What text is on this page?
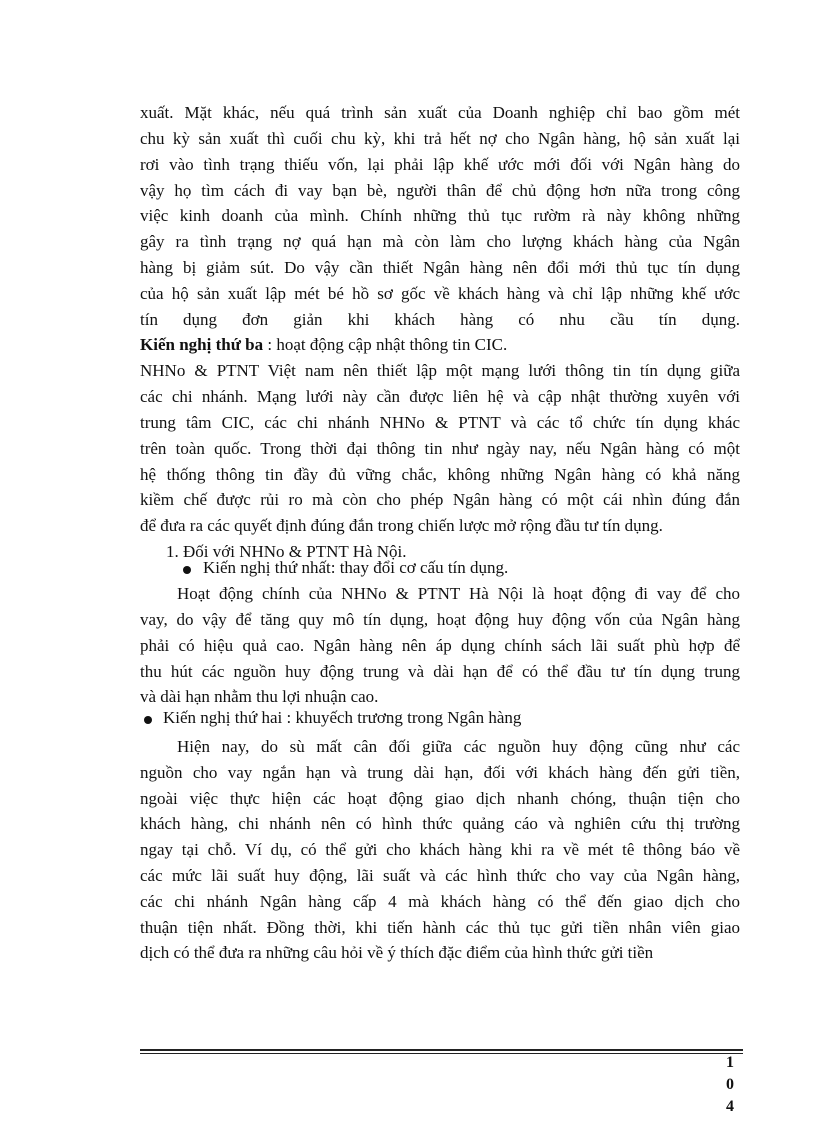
xuất. Mặt khác, nếu quá trình sản xuất của Doanh nghiệp chỉ bao gồm mét
chu kỳ sản xuất thì cuối chu kỳ, khi trả hết nợ cho Ngân hàng, hộ sản xuất lại
rơi vào tình trạng thiếu vốn, lại phải lập khế ước mới đối với Ngân hàng do
vậy họ tìm cách đi vay bạn bè, người thân để chủ động hơn nữa trong công
việc kinh doanh của mình. Chính những thủ tục rườm rà này không những
gây ra tình trạng nợ quá hạn mà còn làm cho lượng khách hàng của Ngân
hàng bị giảm sút. Do vậy cần thiết Ngân hàng nên đổi mới thủ tục tín dụng
của hộ sản xuất lập mét bé hồ sơ gốc về khách hàng và chỉ lập những khế ước
tín dụng đơn giản khi khách hàng có nhu cầu tín dụng.
Kiến nghị thứ ba : hoạt động cập nhật thông tin CIC.
NHNo & PTNT Việt nam nên thiết lập một mạng lưới thông tin tín dụng giữa
các chi nhánh. Mạng lưới này cần được liên hệ và cập nhật thường xuyên với
trung tâm CIC, các chi nhánh NHNo & PTNT và các tổ chức tín dụng khác
trên toàn quốc. Trong thời đại thông tin như ngày nay, nếu Ngân hàng có một
hệ thống thông tin đầy đủ vững chắc, không những Ngân hàng có khả năng
kiềm chế được rủi ro mà còn cho phép Ngân hàng có một cái nhìn đúng đắn
để đưa ra các quyết định đúng đắn trong chiến lược mở rộng đầu tư tín dụng.
1. Đối với NHNo & PTNT Hà Nội.
Kiến nghị thứ nhất: thay đổi cơ cấu tín dụng.
Hoạt động chính của NHNo & PTNT Hà Nội là hoạt động đi vay để cho
vay, do vậy để tăng quy mô tín dụng, hoạt động huy động vốn của Ngân hàng
phải có hiệu quả cao. Ngân hàng nên áp dụng chính sách lãi suất phù hợp để
thu hút các nguồn huy động trung và dài hạn để có thể đầu tư tín dụng trung
và dài hạn nhằm thu lợi nhuận cao.
Kiến nghị thứ hai : khuyếch trương trong Ngân hàng
Hiện nay, do sù mất cân đối giữa các nguồn huy động cũng như các
nguồn cho vay ngắn hạn và trung dài hạn, đối với khách hàng đến gửi tiền,
ngoài việc thực hiện các hoạt động giao dịch nhanh chóng, thuận tiện cho
khách hàng, chi nhánh nên có hình thức quảng cáo và nghiên cứu thị trường
ngay tại chỗ. Ví dụ, có thể gửi cho khách hàng khi ra về mét tê thông báo về
các mức lãi suất huy động, lãi suất và các hình thức cho vay của Ngân hàng,
các chi nhánh Ngân hàng cấp 4 mà khách hàng có thể đến giao dịch cho
thuận tiện nhất. Đồng thời, khi tiến hành các thủ tục gửi tiền nhân viên giao
dịch có thể đưa ra những câu hỏi về ý thích đặc điểm của hình thức gửi tiền
1
0
4
